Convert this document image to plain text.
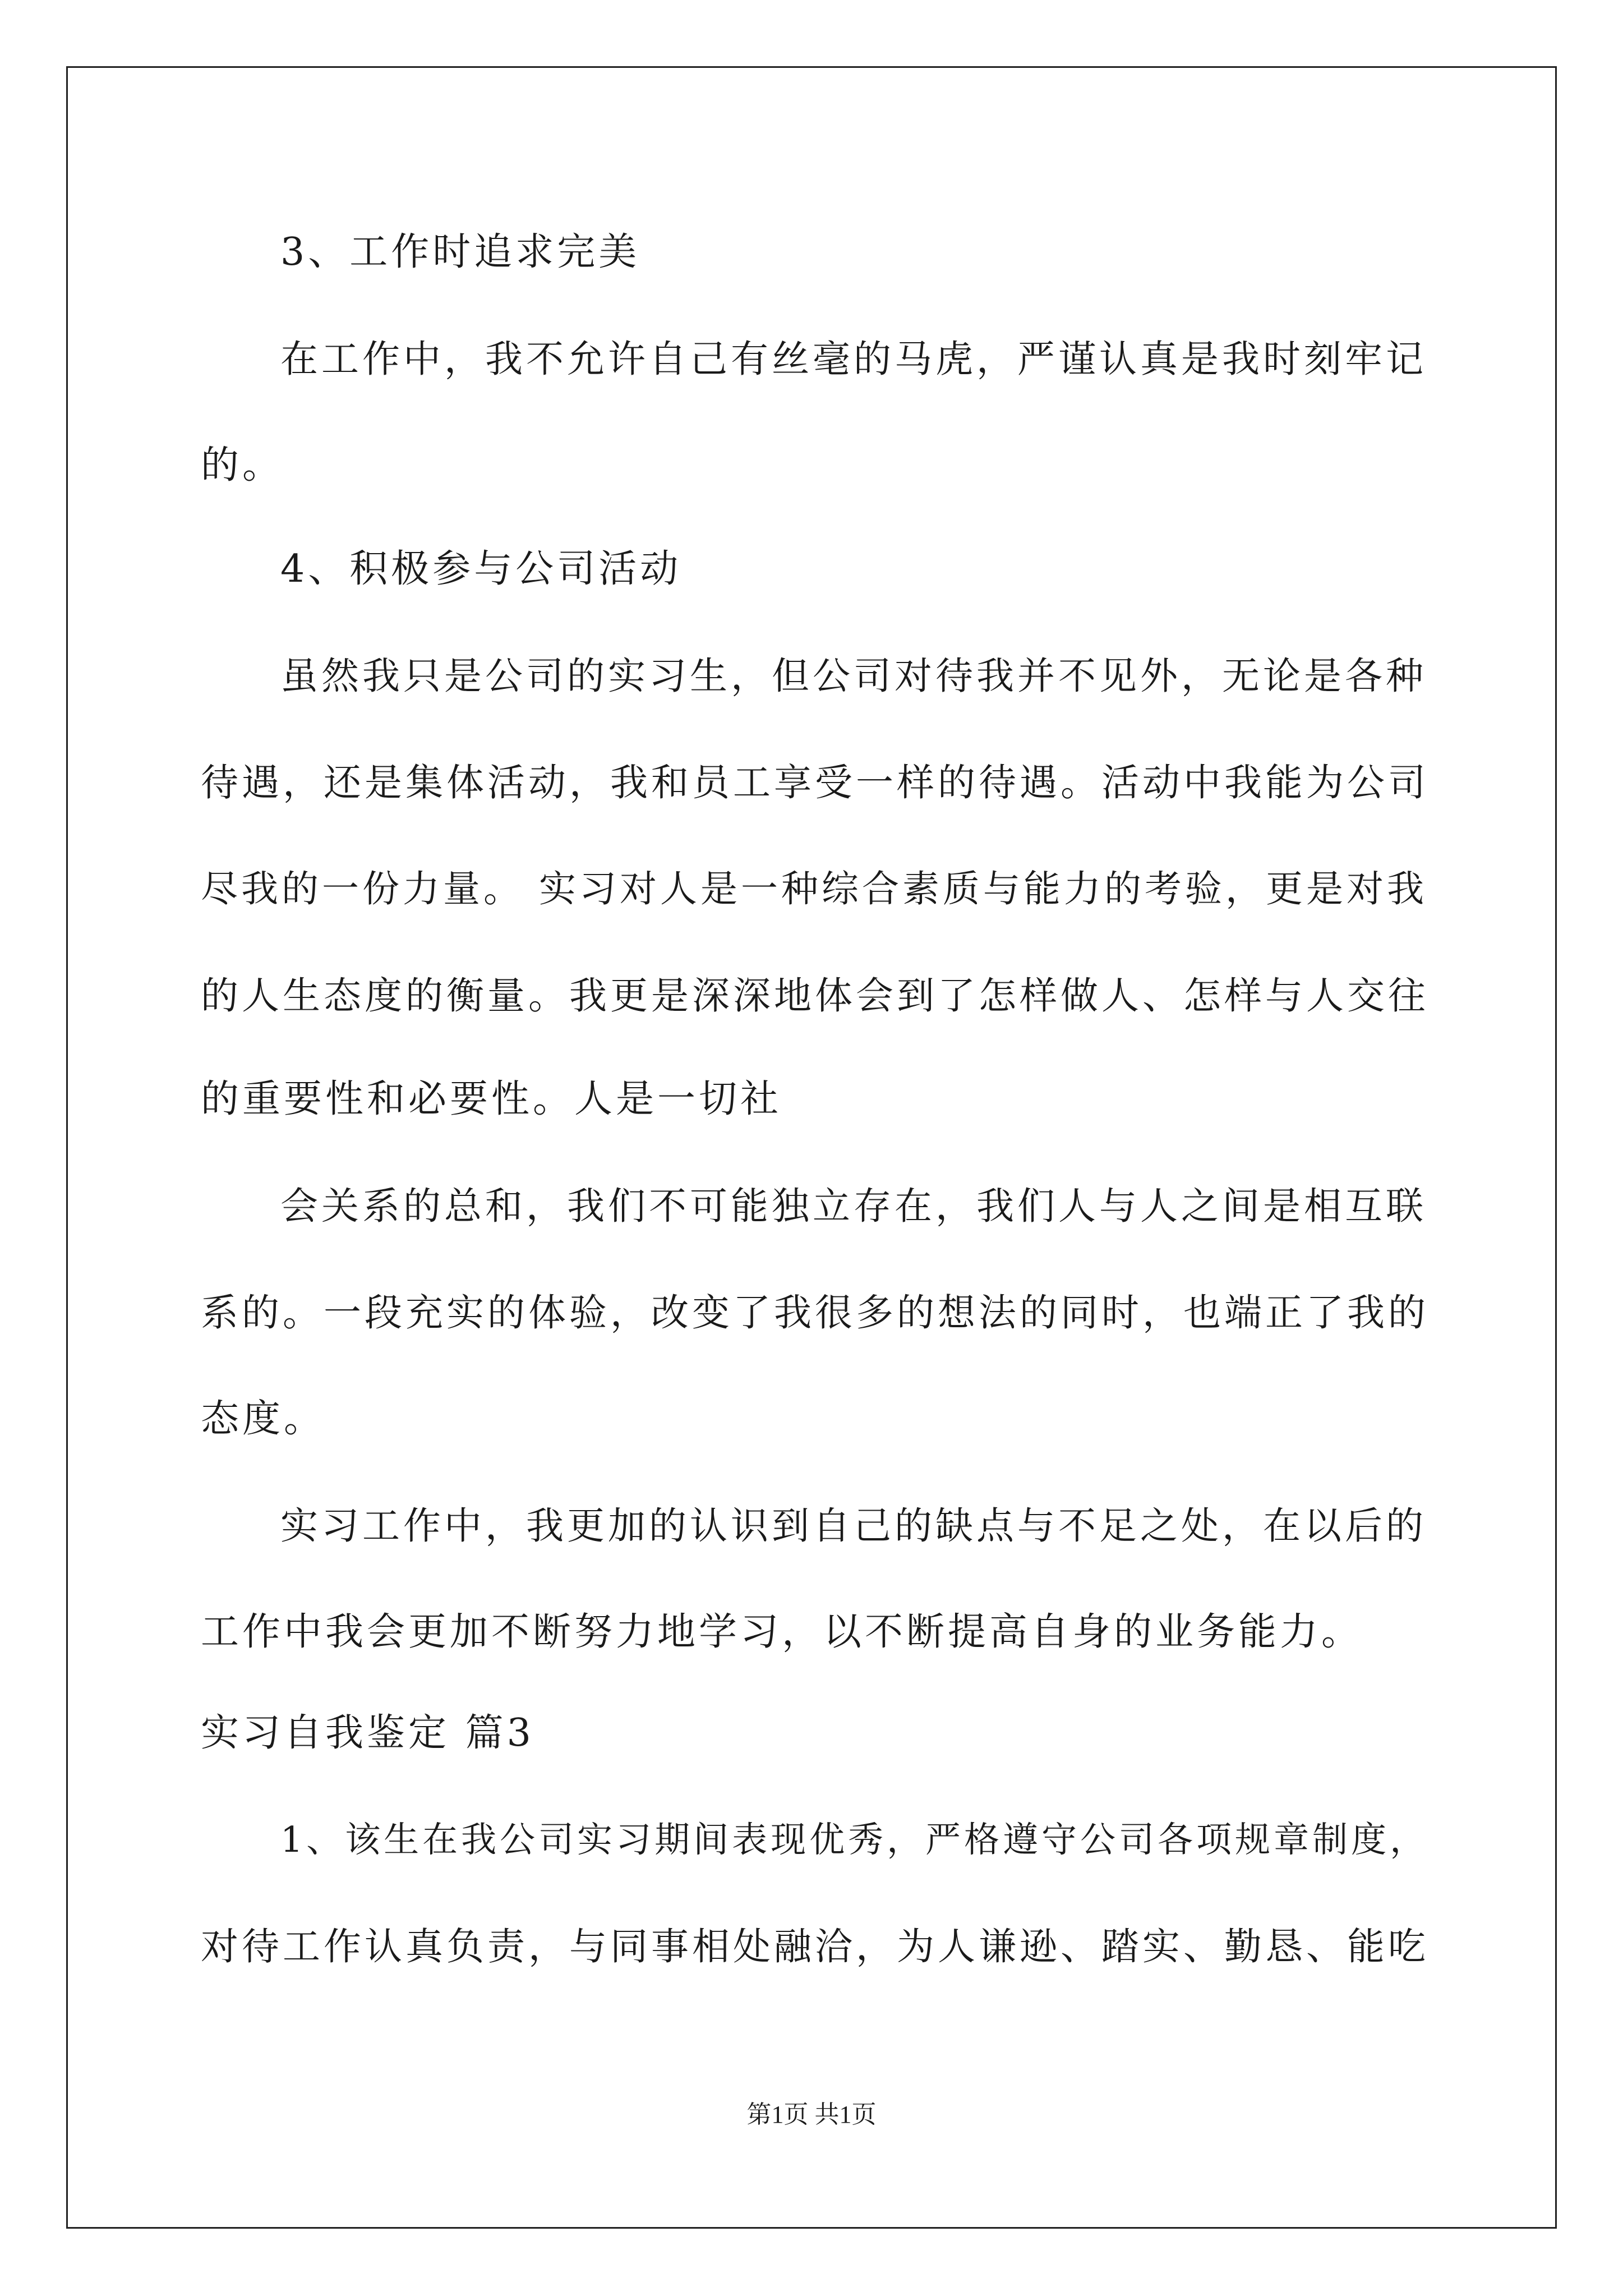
3、工作时追求完美
在工作中，我不允许自己有丝毫的马虎，严谨认真是我时刻牢记
的。
4、积极参与公司活动
虽然我只是公司的实习生，但公司对待我并不见外，无论是各种
待遇，还是集体活动，我和员工享受一样的待遇。活动中我能为公司
尽我的一份力量。 实习对人是一种综合素质与能力的考验，更是对我
的人生态度的衡量。我更是深深地体会到了怎样做人、怎样与人交往
的重要性和必要性。人是一切社
会关系的总和，我们不可能独立存在，我们人与人之间是相互联
系的。一段充实的体验，改变了我很多的想法的同时，也端正了我的
态度。
实习工作中，我更加的认识到自己的缺点与不足之处，在以后的
工作中我会更加不断努力地学习，以不断提高自身的业务能力。
实习自我鉴定 篇3
1、该生在我公司实习期间表现优秀，严格遵守公司各项规章制度，
对待工作认真负责，与同事相处融洽，为人谦逊、踏实、勤恳、能吃
第1页 共1页
